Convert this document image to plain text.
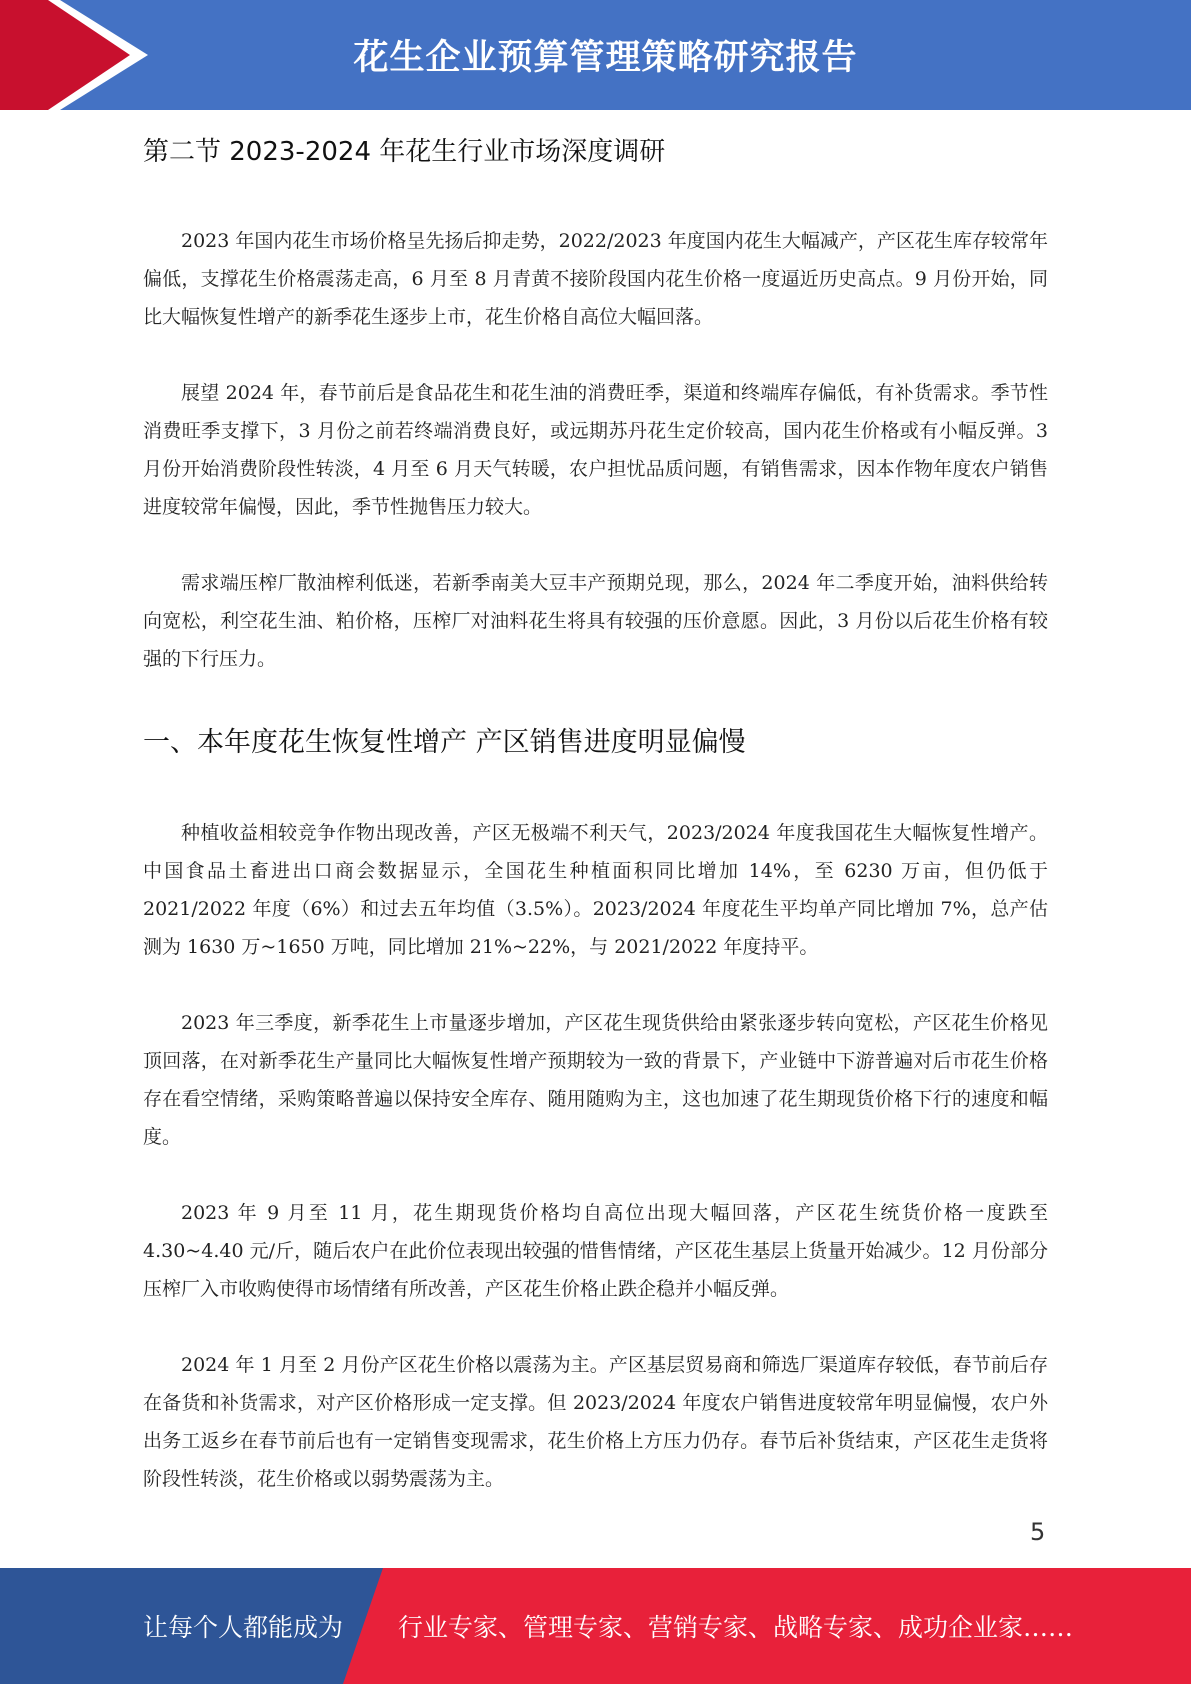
花生企业预算管理策略研究报告
第二节 2023-2024 年花生行业市场深度调研

2023 年国内花生市场价格呈先扬后抑走势，2022/2023 年度国内花生大幅减产，产区花生库存较常年偏低，支撑花生价格震荡走高，6 月至 8 月青黄不接阶段国内花生价格一度逼近历史高点。9 月份开始，同比大幅恢复性增产的新季花生逐步上市，花生价格自高位大幅回落。

展望 2024 年，春节前后是食品花生和花生油的消费旺季，渠道和终端库存偏低，有补货需求。季节性消费旺季支撑下，3 月份之前若终端消费良好，或远期苏丹花生定价较高，国内花生价格或有小幅反弹。3 月份开始消费阶段性转淡，4 月至 6 月天气转暖，农户担忧品质问题，有销售需求，因本作物年度农户销售进度较常年偏慢，因此，季节性抛售压力较大。

需求端压榨厂散油榨利低迷，若新季南美大豆丰产预期兑现，那么，2024 年二季度开始，油料供给转向宽松，利空花生油、粕价格，压榨厂对油料花生将具有较强的压价意愿。因此，3 月份以后花生价格有较强的下行压力。

一、本年度花生恢复性增产 产区销售进度明显偏慢

种植收益相较竞争作物出现改善，产区无极端不利天气，2023/2024 年度我国花生大幅恢复性增产。中国食品土畜进出口商会数据显示，全国花生种植面积同比增加 14%，至 6230 万亩，但仍低于 2021/2022 年度（6%）和过去五年均值（3.5%）。2023/2024 年度花生平均单产同比增加 7%，总产估测为 1630 万~1650 万吨，同比增加 21%~22%，与 2021/2022 年度持平。

2023 年三季度，新季花生上市量逐步增加，产区花生现货供给由紧张逐步转向宽松，产区花生价格见顶回落，在对新季花生产量同比大幅恢复性增产预期较为一致的背景下，产业链中下游普遍对后市花生价格存在看空情绪，采购策略普遍以保持安全库存、随用随购为主，这也加速了花生期现货价格下行的速度和幅度。

2023 年 9 月至 11 月，花生期现货价格均自高位出现大幅回落，产区花生统货价格一度跌至 4.30~4.40 元/斤，随后农户在此价位表现出较强的惜售情绪，产区花生基层上货量开始减少。12 月份部分压榨厂入市收购使得市场情绪有所改善，产区花生价格止跌企稳并小幅反弹。

2024 年 1 月至 2 月份产区花生价格以震荡为主。产区基层贸易商和筛选厂渠道库存较低，春节前后存在备货和补货需求，对产区价格形成一定支撑。但 2023/2024 年度农户销售进度较常年明显偏慢，农户外出务工返乡在春节前后也有一定销售变现需求，花生价格上方压力仍存。春节后补货结束，产区花生走货将阶段性转淡，花生价格或以弱势震荡为主。

5
让每个人都能成为 行业专家、管理专家、营销专家、战略专家、成功企业家……
